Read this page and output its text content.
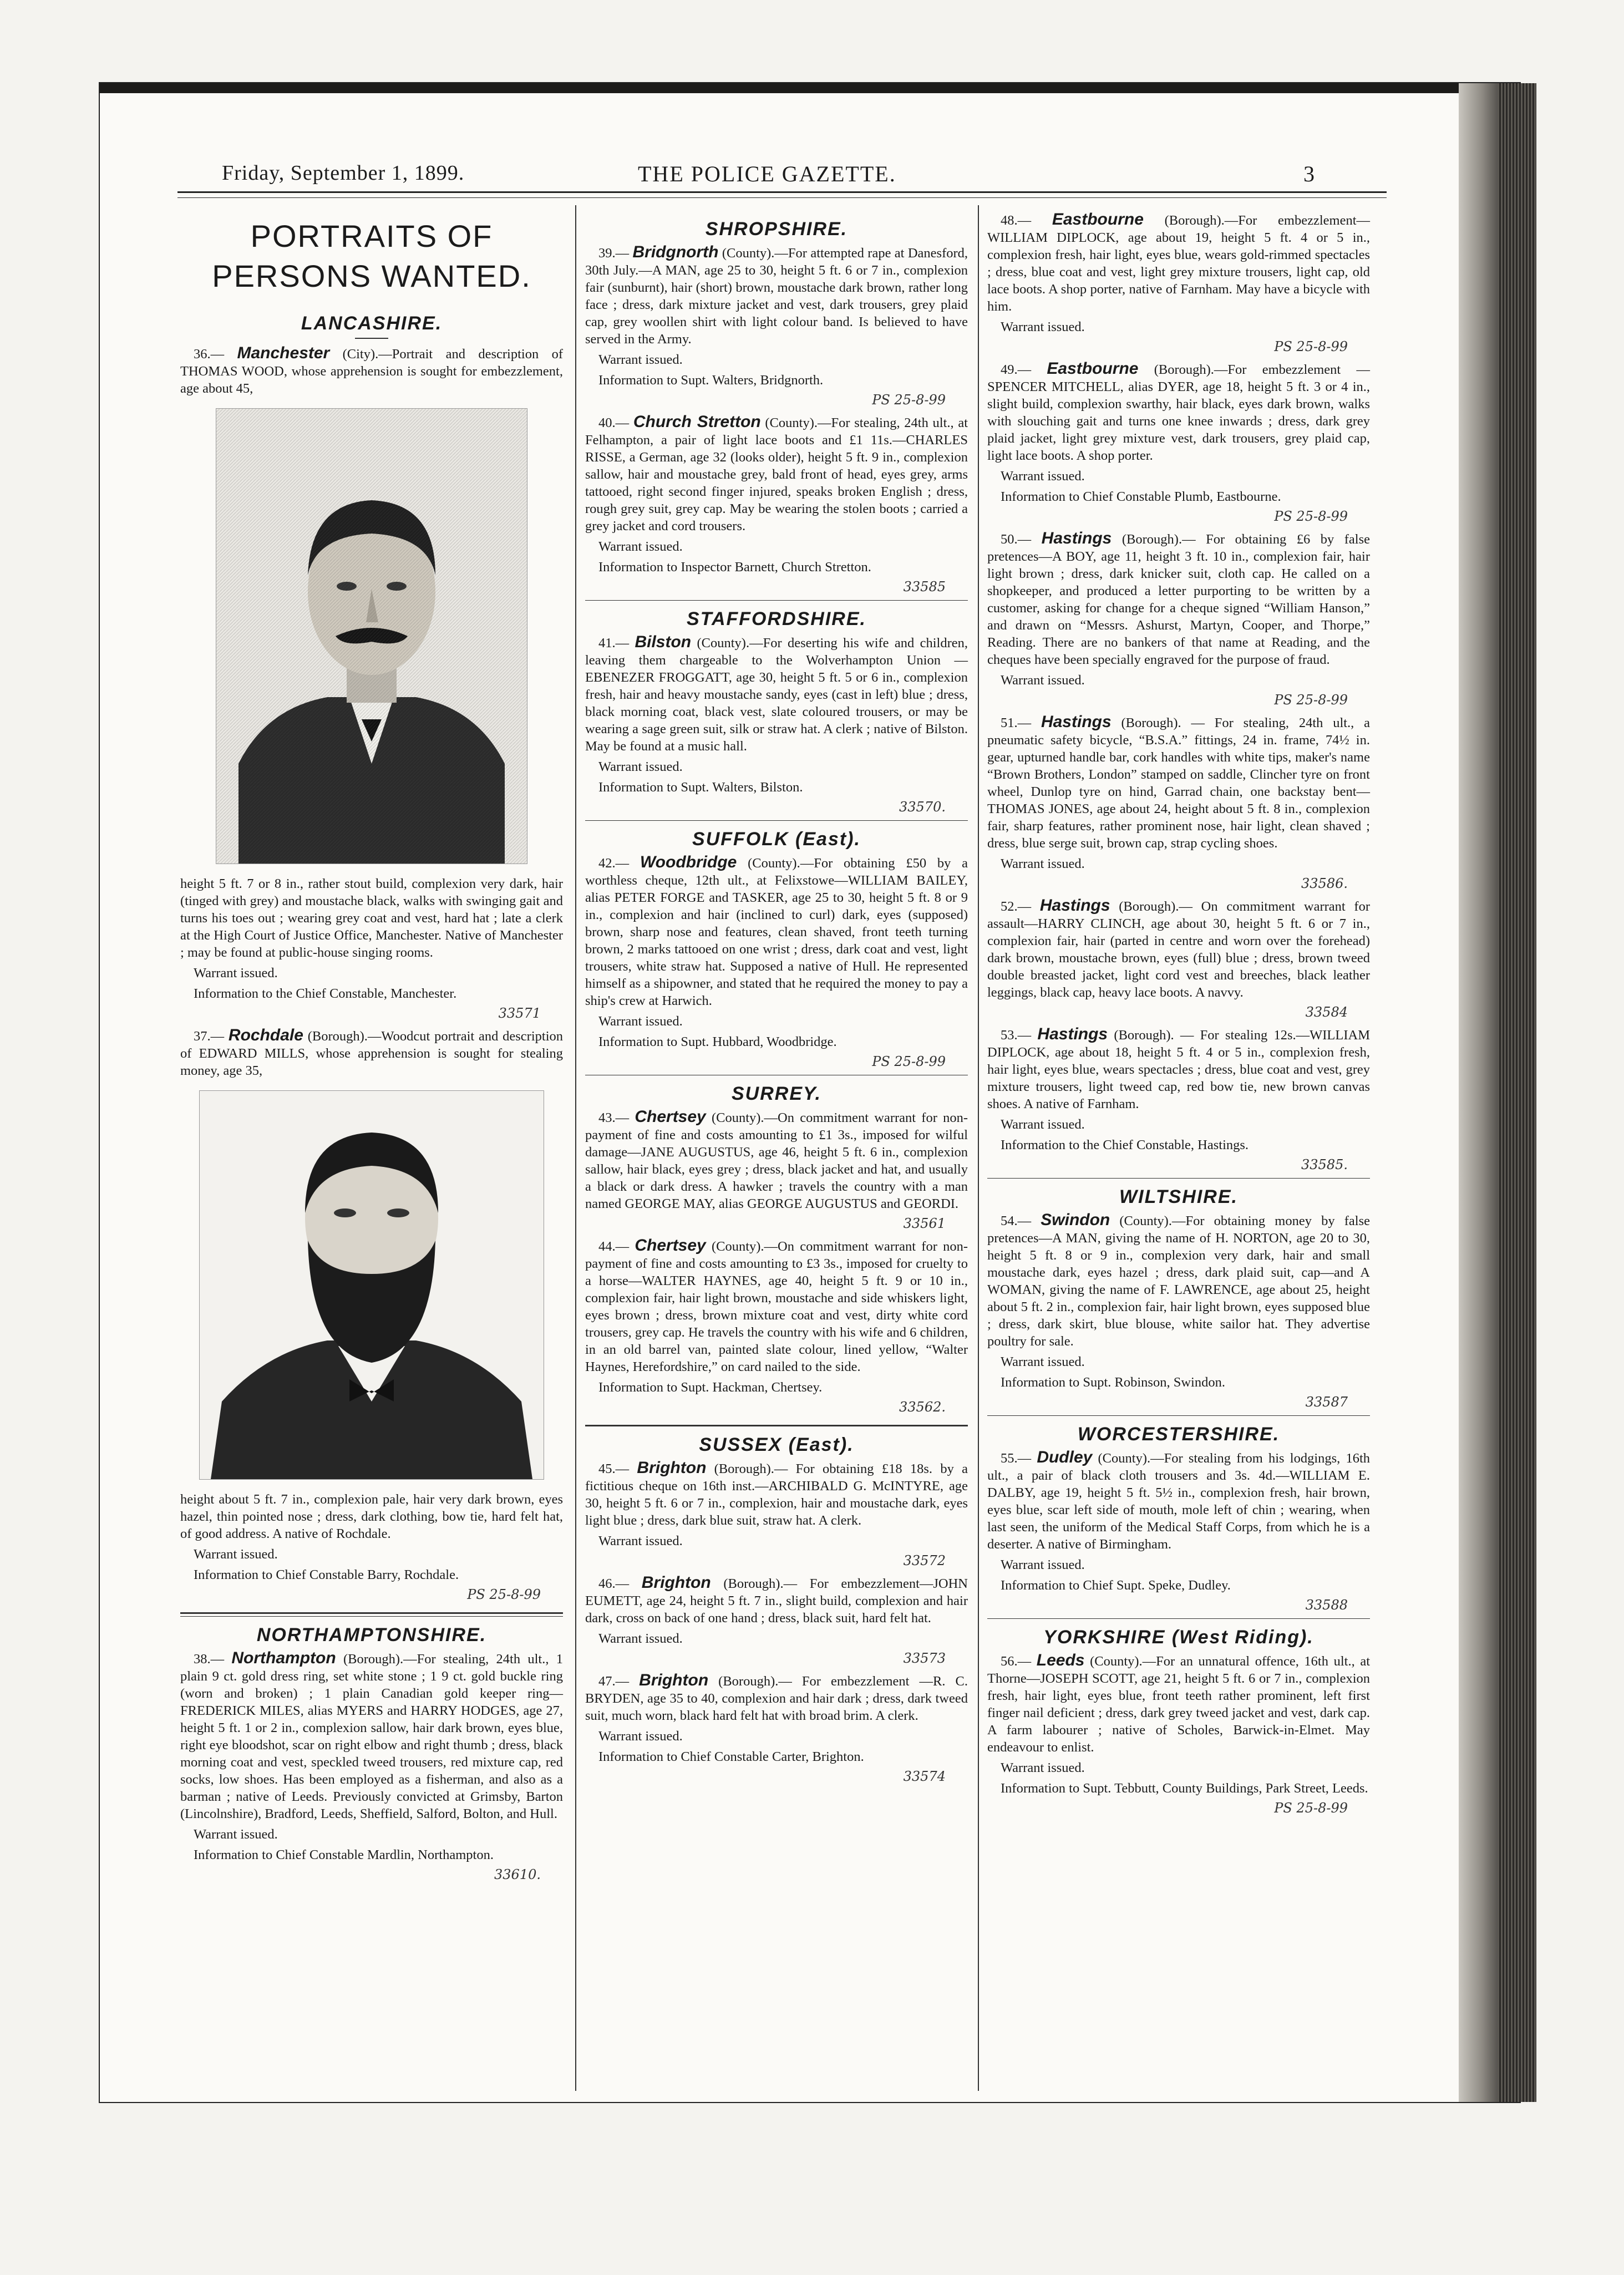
Friday, September 1, 1899.	THE POLICE GAZETTE.	3
PORTRAITS OF PERSONS WANTED.
LANCASHIRE.

36.— Manchester (City).—Portrait and description of THOMAS WOOD, whose apprehension is sought for embezzlement, age about 45,

height 5 ft. 7 or 8 in., rather stout build, complexion very dark, hair (tinged with grey) and moustache black, walks with swinging gait and turns his toes out ; wearing grey coat and vest, hard hat ; late a clerk at the High Court of Justice Office, Manchester. Native of Manchester ; may be found at public-house singing rooms.

Warrant issued.

Information to the Chief Constable, Manchester.

33571

37.— Rochdale (Borough).—Woodcut portrait and description of EDWARD MILLS, whose apprehension is sought for stealing money, age 35,

height about 5 ft. 7 in., complexion pale, hair very dark brown, eyes hazel, thin pointed nose ; dress, dark clothing, bow tie, hard felt hat, of good address. A native of Rochdale.

Warrant issued.

Information to Chief Constable Barry, Rochdale.

PS 25-8-99
NORTHAMPTONSHIRE.

38.— Northampton (Borough).—For stealing, 24th ult., 1 plain 9 ct. gold dress ring, set white stone ; 1 9 ct. gold buckle ring (worn and broken) ; 1 plain Canadian gold keeper ring—FREDERICK MILES, alias MYERS and HARRY HODGES, age 27, height 5 ft. 1 or 2 in., complexion sallow, hair dark brown, eyes blue, right eye bloodshot, scar on right elbow and right thumb ; dress, black morning coat and vest, speckled tweed trousers, red mixture cap, red socks, low shoes. Has been employed as a fisherman, and also as a barman ; native of Leeds. Previously convicted at Grimsby, Barton (Lincolnshire), Bradford, Leeds, Sheffield, Salford, Bolton, and Hull.

Warrant issued.

Information to Chief Constable Mardlin, Northampton.

33610.
SHROPSHIRE.

39.— Bridgnorth (County).—For attempted rape at Danesford, 30th July.—A MAN, age 25 to 30, height 5 ft. 6 or 7 in., complexion fair (sunburnt), hair (short) brown, moustache dark brown, rather long face ; dress, dark mixture jacket and vest, dark trousers, grey plaid cap, grey woollen shirt with light colour band. Is believed to have served in the Army.

Warrant issued.

Information to Supt. Walters, Bridgnorth.

PS 25-8-99

40.— Church Stretton (County).—For stealing, 24th ult., at Felhampton, a pair of light lace boots and £1 11s.—CHARLES RISSE, a German, age 32 (looks older), height 5 ft. 9 in., complexion sallow, hair and moustache grey, bald front of head, eyes grey, arms tattooed, right second finger injured, speaks broken English ; dress, rough grey suit, grey cap. May be wearing the stolen boots ; carried a grey jacket and cord trousers.

Warrant issued.

Information to Inspector Barnett, Church Stretton.

33585
STAFFORDSHIRE.

41.— Bilston (County).—For deserting his wife and children, leaving them chargeable to the Wolverhampton Union — EBENEZER FROGGATT, age 30, height 5 ft. 5 or 6 in., complexion fresh, hair and heavy moustache sandy, eyes (cast in left) blue ; dress, black morning coat, black vest, slate coloured trousers, or may be wearing a sage green suit, silk or straw hat. A clerk ; native of Bilston. May be found at a music hall.

Warrant issued.

Information to Supt. Walters, Bilston.

33570.
SUFFOLK (East).

42.— Woodbridge (County).—For obtaining £50 by a worthless cheque, 12th ult., at Felixstowe—WILLIAM BAILEY, alias PETER FORGE and TASKER, age 25 to 30, height 5 ft. 8 or 9 in., complexion and hair (inclined to curl) dark, eyes (supposed) brown, sharp nose and features, clean shaved, front teeth turning brown, 2 marks tattooed on one wrist ; dress, dark coat and vest, light trousers, white straw hat. Supposed a native of Hull. He represented himself as a shipowner, and stated that he required the money to pay a ship's crew at Harwich.

Warrant issued.

Information to Supt. Hubbard, Woodbridge.

PS 25-8-99
SURREY.

43.— Chertsey (County).—On commitment warrant for non-payment of fine and costs amounting to £1 3s., imposed for wilful damage—JANE AUGUSTUS, age 46, height 5 ft. 6 in., complexion sallow, hair black, eyes grey ; dress, black jacket and hat, and usually a black or dark dress. A hawker ; travels the country with a man named GEORGE MAY, alias GEORGE AUGUSTUS and GEORDI.

33561

44.— Chertsey (County).—On commitment warrant for non-payment of fine and costs amounting to £3 3s., imposed for cruelty to a horse—WALTER HAYNES, age 40, height 5 ft. 9 or 10 in., complexion fair, hair light brown, moustache and side whiskers light, eyes brown ; dress, brown mixture coat and vest, dirty white cord trousers, grey cap. He travels the country with his wife and 6 children, in an old barrel van, painted slate colour, lined yellow, “Walter Haynes, Herefordshire,” on card nailed to the side.

Information to Supt. Hackman, Chertsey.

33562.
SUSSEX (East).

45.— Brighton (Borough).— For obtaining £18 18s. by a fictitious cheque on 16th inst.—ARCHIBALD G. McINTYRE, age 30, height 5 ft. 6 or 7 in., complexion, hair and moustache dark, eyes light blue ; dress, dark blue suit, straw hat. A clerk.

Warrant issued.

33572

46.— Brighton (Borough).— For embezzlement—JOHN EUMETT, age 24, height 5 ft. 7 in., slight build, complexion and hair dark, cross on back of one hand ; dress, black suit, hard felt hat.

Warrant issued.

33573

47.— Brighton (Borough).— For embezzlement —R. C. BRYDEN, age 35 to 40, complexion and hair dark ; dress, dark tweed suit, much worn, black hard felt hat with broad brim. A clerk.

Warrant issued.

Information to Chief Constable Carter, Brighton.

33574

48.— Eastbourne (Borough).—For embezzlement—WILLIAM DIPLOCK, age about 19, height 5 ft. 4 or 5 in., complexion fresh, hair light, eyes blue, wears gold-rimmed spectacles ; dress, blue coat and vest, light grey mixture trousers, light cap, old lace boots. A shop porter, native of Farnham. May have a bicycle with him.

Warrant issued.

PS 25-8-99

49.— Eastbourne (Borough).—For embezzlement — SPENCER MITCHELL, alias DYER, age 18, height 5 ft. 3 or 4 in., slight build, complexion swarthy, hair black, eyes dark brown, walks with slouching gait and turns one knee inwards ; dress, dark grey plaid jacket, light grey mixture vest, dark trousers, grey plaid cap, light lace boots. A shop porter.

Warrant issued.

Information to Chief Constable Plumb, Eastbourne.

PS 25-8-99

50.— Hastings (Borough).— For obtaining £6 by false pretences—A BOY, age 11, height 3 ft. 10 in., complexion fair, hair light brown ; dress, dark knicker suit, cloth cap. He called on a shopkeeper, and produced a letter purporting to be written by a customer, asking for change for a cheque signed “William Hanson,” and drawn on “Messrs. Ashurst, Martyn, Cooper, and Thorpe,” Reading. There are no bankers of that name at Reading, and the cheques have been specially engraved for the purpose of fraud.

Warrant issued.

PS 25-8-99

51.— Hastings (Borough). — For stealing, 24th ult., a pneumatic safety bicycle, “B.S.A.” fittings, 24 in. frame, 74½ in. gear, upturned handle bar, cork handles with white tips, maker's name “Brown Brothers, London” stamped on saddle, Clincher tyre on front wheel, Dunlop tyre on hind, Garrad chain, one backstay bent—THOMAS JONES, age about 24, height about 5 ft. 8 in., complexion fair, sharp features, rather prominent nose, hair light, clean shaved ; dress, blue serge suit, brown cap, strap cycling shoes.

Warrant issued.

33586.

52.— Hastings (Borough).— On commitment warrant for assault—HARRY CLINCH, age about 30, height 5 ft. 6 or 7 in., complexion fair, hair (parted in centre and worn over the forehead) dark brown, moustache brown, eyes (full) blue ; dress, brown tweed double breasted jacket, light cord vest and breeches, black leather leggings, black cap, heavy lace boots. A navvy.

33584

53.— Hastings (Borough). — For stealing 12s.—WILLIAM DIPLOCK, age about 18, height 5 ft. 4 or 5 in., complexion fresh, hair light, eyes blue, wears spectacles ; dress, blue coat and vest, grey mixture trousers, light tweed cap, red bow tie, new brown canvas shoes. A native of Farnham.

Warrant issued.

Information to the Chief Constable, Hastings.

33585.
WILTSHIRE.

54.— Swindon (County).—For obtaining money by false pretences—A MAN, giving the name of H. NORTON, age 20 to 30, height 5 ft. 8 or 9 in., complexion very dark, hair and small moustache dark, eyes hazel ; dress, dark plaid suit, cap—and A WOMAN, giving the name of F. LAWRENCE, age about 25, height about 5 ft. 2 in., complexion fair, hair light brown, eyes supposed blue ; dress, dark skirt, blue blouse, white sailor hat. They advertise poultry for sale.

Warrant issued.

Information to Supt. Robinson, Swindon.

33587
WORCESTERSHIRE.

55.— Dudley (County).—For stealing from his lodgings, 16th ult., a pair of black cloth trousers and 3s. 4d.—WILLIAM E. DALBY, age 19, height 5 ft. 5½ in., complexion fresh, hair brown, eyes blue, scar left side of mouth, mole left of chin ; wearing, when last seen, the uniform of the Medical Staff Corps, from which he is a deserter. A native of Birmingham.

Warrant issued.

Information to Chief Supt. Speke, Dudley.

33588
YORKSHIRE (West Riding).

56.— Leeds (County).—For an unnatural offence, 16th ult., at Thorne—JOSEPH SCOTT, age 21, height 5 ft. 6 or 7 in., complexion fresh, hair light, eyes blue, front teeth rather prominent, left first finger nail deficient ; dress, dark grey tweed jacket and vest, dark cap. A farm labourer ; native of Scholes, Barwick-in-Elmet. May endeavour to enlist.

Warrant issued.

Information to Supt. Tebbutt, County Buildings, Park Street, Leeds.

PS 25-8-99
